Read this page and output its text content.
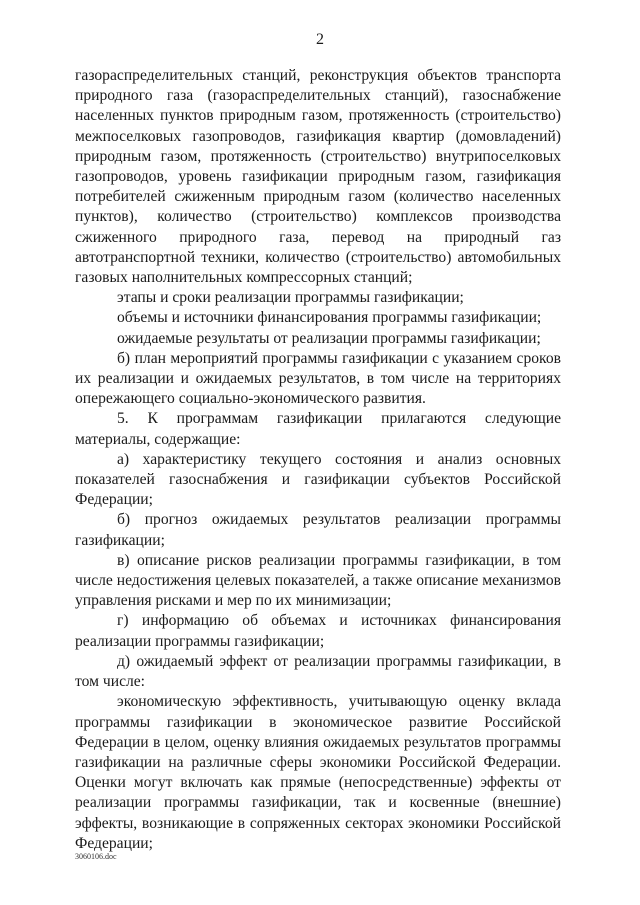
2

газораспределительных станций, реконструкция объектов транспорта природного газа (газораспределительных станций), газоснабжение населенных пунктов природным газом, протяженность (строительство) межпоселковых газопроводов, газификация квартир (домовладений) природным газом, протяженность (строительство) внутрипоселковых газопроводов, уровень газификации природным газом, газификация потребителей сжиженным природным газом (количество населенных пунктов), количество (строительство) комплексов производства сжиженного природного газа, перевод на природный газ автотранспортной техники, количество (строительство) автомобильных газовых наполнительных компрессорных станций;

этапы и сроки реализации программы газификации;

объемы и источники финансирования программы газификации;

ожидаемые результаты от реализации программы газификации;

б) план мероприятий программы газификации с указанием сроков их реализации и ожидаемых результатов, в том числе на территориях опережающего социально-экономического развития.

5. К программам газификации прилагаются следующие материалы, содержащие:

а) характеристику текущего состояния и анализ основных показателей газоснабжения и газификации субъектов Российской Федерации;

б) прогноз ожидаемых результатов реализации программы газификации;

в) описание рисков реализации программы газификации, в том числе недостижения целевых показателей, а также описание механизмов управления рисками и мер по их минимизации;

г) информацию об объемах и источниках финансирования реализации программы газификации;

д) ожидаемый эффект от реализации программы газификации, в том числе:

экономическую эффективность, учитывающую оценку вклада программы газификации в экономическое развитие Российской Федерации в целом, оценку влияния ожидаемых результатов программы газификации на различные сферы экономики Российской Федерации. Оценки могут включать как прямые (непосредственные) эффекты от реализации программы газификации, так и косвенные (внешние) эффекты, возникающие в сопряженных секторах экономики Российской Федерации;

3060106.doc
